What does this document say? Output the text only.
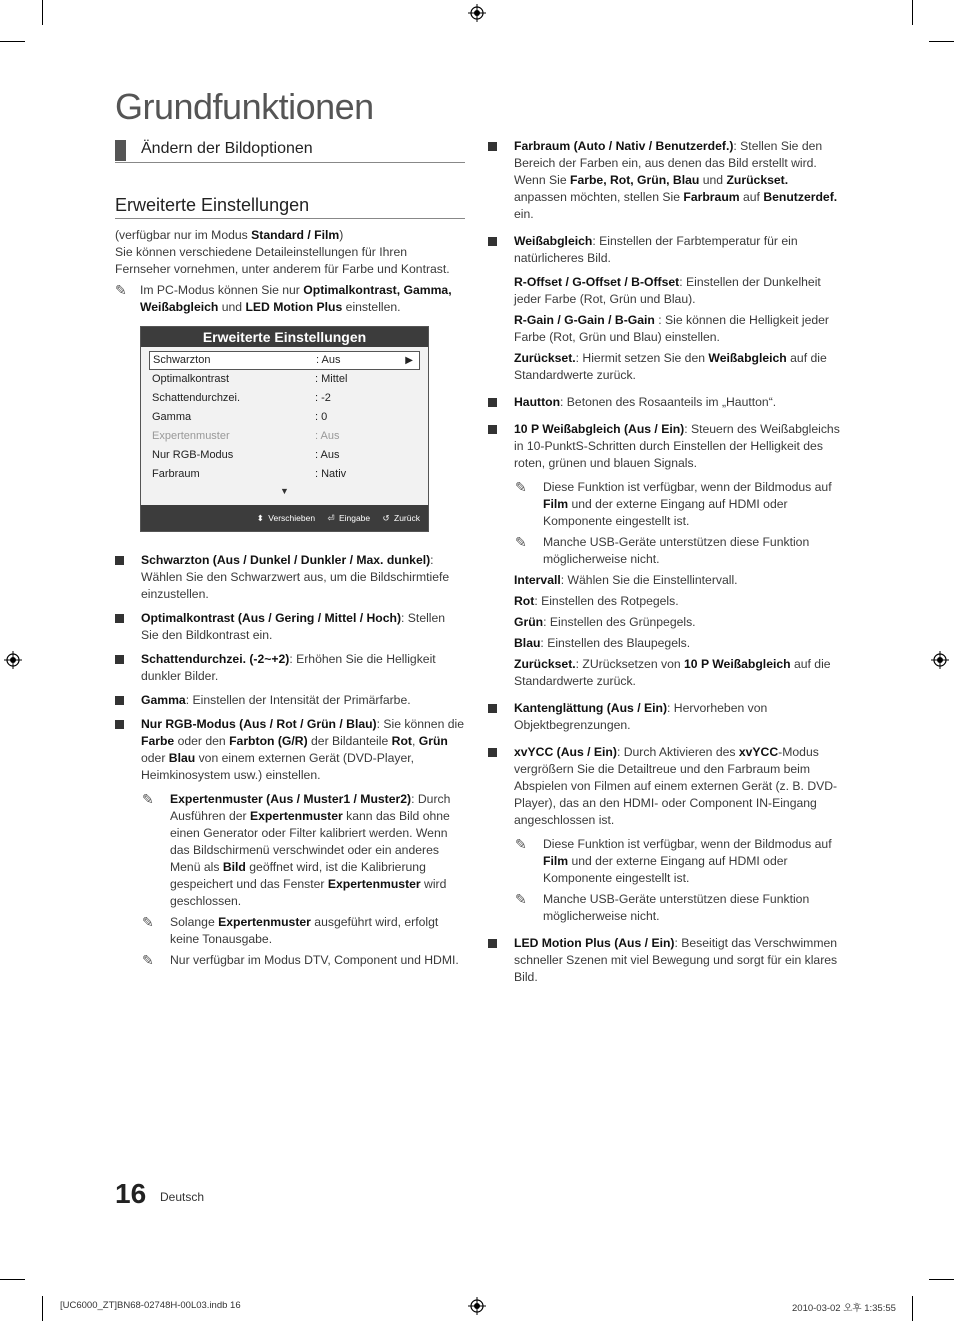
Grundfunktionen
Ändern der Bildoptionen
Erweiterte Einstellungen

(verfügbar nur im Modus Standard / Film)

Sie können verschiedene Detaileinstellungen für Ihren Fernseher vornehmen, unter anderem für Farbe und Kontrast.

✎ Im PC-Modus können Sie nur Optimalkontrast, Gamma, Weißabgleich und LED Motion Plus einstellen.
Erweiterte Einstellungen
Schwarzton	: Aus	▶
Optimalkontrast	: Mittel
Schattendurchzei.	: -2
Gamma	: 0
Expertenmuster	: Aus
Nur RGB-Modus	: Aus
Farbraum	: Nativ
▼
⬍ Verschieben ⏎ Eingabe ↺ Zurück
Schwarzton (Aus / Dunkel / Dunkler / Max. dunkel): Wählen Sie den Schwarzwert aus, um die Bildschirmtiefe einzustellen.
Optimalkontrast (Aus / Gering / Mittel / Hoch): Stellen Sie den Bildkontrast ein.
Schattendurchzei. (-2~+2): Erhöhen Sie die Helligkeit dunkler Bilder.
Gamma: Einstellen der Intensität der Primärfarbe.
Nur RGB-Modus (Aus / Rot / Grün / Blau): Sie können die Farbe oder den Farbton (G/R) der Bildanteile Rot, Grün oder Blau von einem externen Gerät (DVD-Player, Heimkinosystem usw.) einstellen.
✎ Expertenmuster (Aus / Muster1 / Muster2): Durch Ausführen der Expertenmuster kann das Bild ohne einen Generator oder Filter kalibriert werden. Wenn das Bildschirmenü verschwindet oder ein anderes Menü als Bild geöffnet wird, ist die Kalibrierung gespeichert und das Fenster Expertenmuster wird geschlossen.
✎ Solange Expertenmuster ausgeführt wird, erfolgt keine Tonausgabe.
✎ Nur verfügbar im Modus DTV, Component und HDMI.
Farbraum (Auto / Nativ / Benutzerdef.): Stellen Sie den Bereich der Farben ein, aus denen das Bild erstellt wird. Wenn Sie Farbe, Rot, Grün, Blau und Zurückset. anpassen möchten, stellen Sie Farbraum auf Benutzerdef. ein.
Weißabgleich: Einstellen der Farbtemperatur für ein natürlicheres Bild.
R-Offset / G-Offset / B-Offset: Einstellen der Dunkelheit jeder Farbe (Rot, Grün und Blau).
R-Gain / G-Gain / B-Gain : Sie können die Helligkeit jeder Farbe (Rot, Grün und Blau) einstellen.
Zurückset.: Hiermit setzen Sie den Weißabgleich auf die Standardwerte zurück.
Hautton: Betonen des Rosaanteils im „Hautton“.
10 P Weißabgleich (Aus / Ein): Steuern des Weißabgleichs in 10-PunktS-Schritten durch Einstellen der Helligkeit des roten, grünen und blauen Signals.
✎ Diese Funktion ist verfügbar, wenn der Bildmodus auf Film und der externe Eingang auf HDMI oder Komponente eingestellt ist.
✎ Manche USB-Geräte unterstützen diese Funktion möglicherweise nicht.
Intervall: Wählen Sie die Einstellintervall.
Rot: Einstellen des Rotpegels.
Grün: Einstellen des Grünpegels.
Blau: Einstellen des Blaupegels.
Zurückset.: ZUrücksetzen von 10 P Weißabgleich auf die Standardwerte zurück.
Kantenglättung (Aus / Ein): Hervorheben von Objektbegrenzungen.
xvYCC (Aus / Ein): Durch Aktivieren des xvYCC-Modus vergrößern Sie die Detailtreue und den Farbraum beim Abspielen von Filmen auf einem externen Gerät (z. B. DVD-Player), das an den HDMI- oder Component IN-Eingang angeschlossen ist.
✎ Diese Funktion ist verfügbar, wenn der Bildmodus auf Film und der externe Eingang auf HDMI oder Komponente eingestellt ist.
✎ Manche USB-Geräte unterstützen diese Funktion möglicherweise nicht.
LED Motion Plus (Aus / Ein): Beseitigt das Verschwimmen schneller Szenen mit viel Bewegung und sorgt für ein klares Bild.
16 Deutsch
[UC6000_ZT]BN68-02748H-00L03.indb 16	2010-03-02 오후 1:35:55
